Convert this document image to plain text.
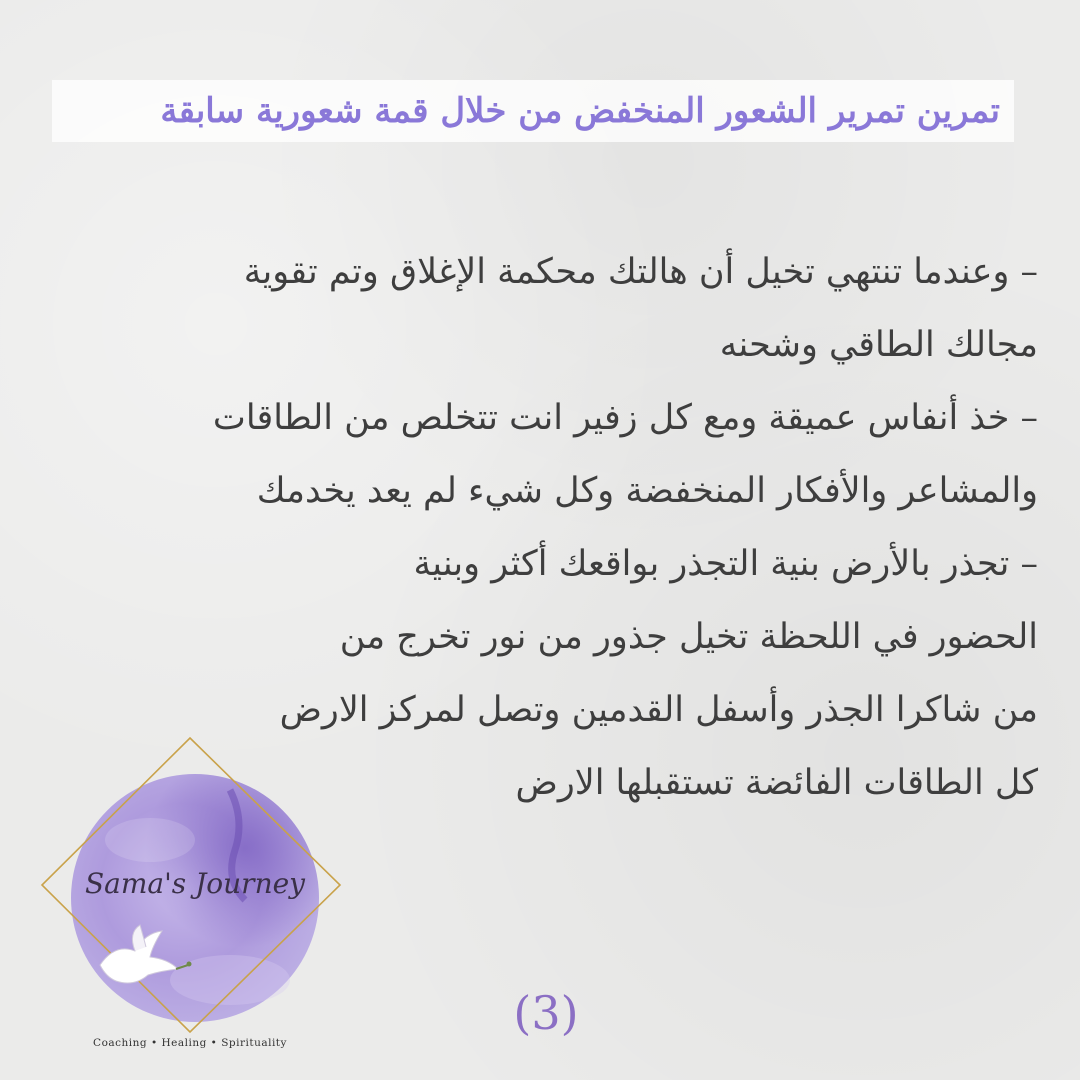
تمرين تمرير الشعور المنخفض من خلال قمة شعورية سابقة
– وعندما تنتهي تخيل أن هالتك محكمة الإغلاق وتم تقوية
مجالك الطاقي وشحنه
– خذ أنفاس عميقة ومع كل زفير انت تتخلص من الطاقات
والمشاعر والأفكار المنخفضة وكل شيء لم يعد يخدمك
– تجذر بالأرض بنية التجذر بواقعك أكثر وبنية
الحضور في اللحظة تخيل جذور من نور تخرج من
من شاكرا الجذر وأسفل القدمين وتصل لمركز الارض
كل الطاقات الفائضة تستقبلها الارض
Sama's Journey
Coaching • Healing • Spirituality
(3)
